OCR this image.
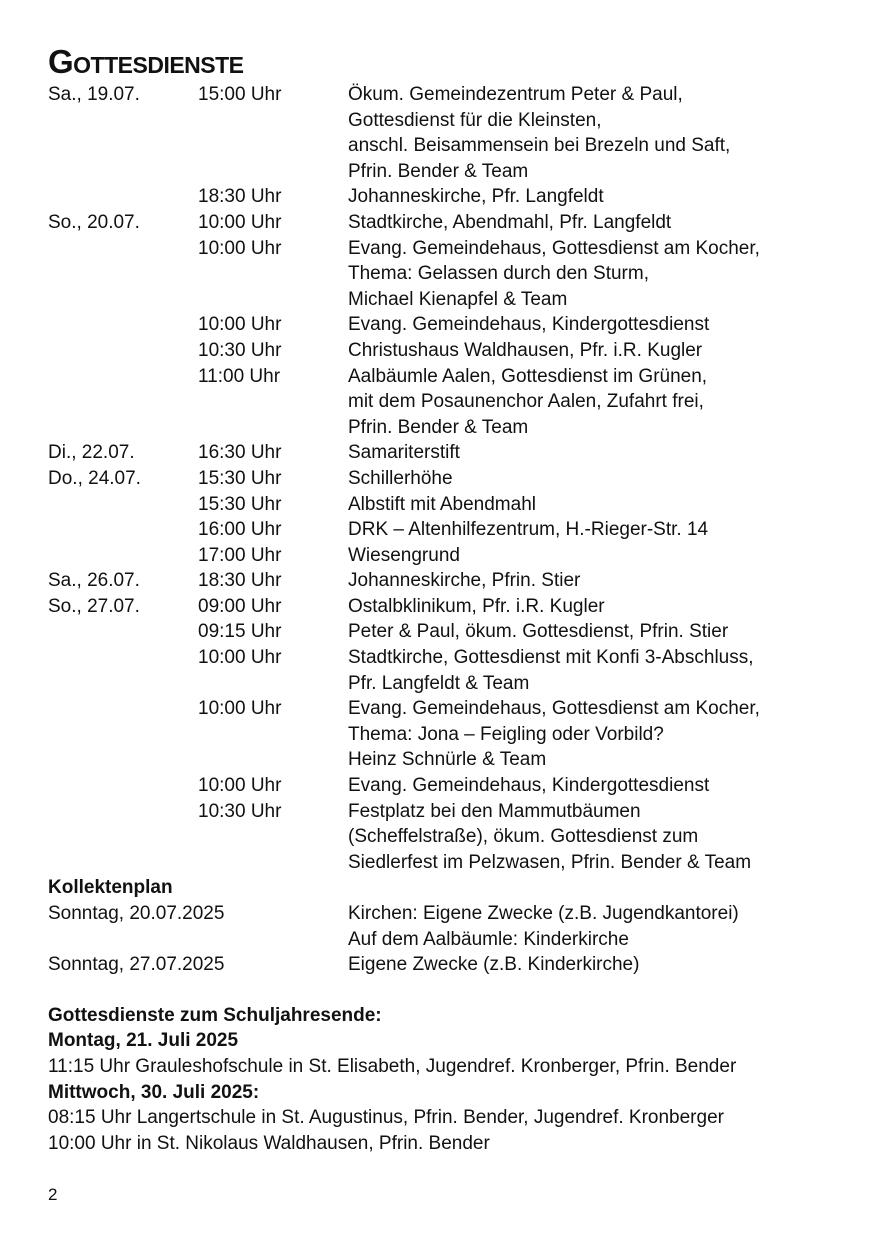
Gottesdienste
Sa., 19.07.	15:00 Uhr	Ökum. Gemeindezentrum Peter & Paul,
Gottesdienst für die Kleinsten,
anschl. Beisammensein bei Brezeln und Saft,
Pfrin. Bender & Team
18:30 Uhr	Johanneskirche, Pfr. Langfeldt
So., 20.07.	10:00 Uhr	Stadtkirche, Abendmahl, Pfr. Langfeldt
10:00 Uhr	Evang. Gemeindehaus, Gottesdienst am Kocher,
Thema: Gelassen durch den Sturm,
Michael Kienapfel & Team
10:00 Uhr	Evang. Gemeindehaus, Kindergottesdienst
10:30 Uhr	Christushaus Waldhausen, Pfr. i.R. Kugler
11:00 Uhr	Aalbäumle Aalen, Gottesdienst im Grünen,
mit dem Posaunenchor Aalen, Zufahrt frei,
Pfrin. Bender & Team
Di., 22.07.	16:30 Uhr	Samariterstift
Do., 24.07.	15:30 Uhr	Schillerhöhe
15:30 Uhr	Albstift mit Abendmahl
16:00 Uhr	DRK – Altenhilfezentrum, H.-Rieger-Str. 14
17:00 Uhr	Wiesengrund
Sa., 26.07.	18:30 Uhr	Johanneskirche, Pfrin. Stier
So., 27.07.	09:00 Uhr	Ostalbklinikum, Pfr. i.R. Kugler
09:15 Uhr	Peter & Paul, ökum. Gottesdienst, Pfrin. Stier
10:00 Uhr	Stadtkirche, Gottesdienst mit Konfi 3-Abschluss,
Pfr. Langfeldt & Team
10:00 Uhr	Evang. Gemeindehaus, Gottesdienst am Kocher,
Thema: Jona – Feigling oder Vorbild?
Heinz Schnürle & Team
10:00 Uhr	Evang. Gemeindehaus, Kindergottesdienst
10:30 Uhr	Festplatz bei den Mammutbäumen
(Scheffelstraße), ökum. Gottesdienst zum
Siedlerfest im Pelzwasen, Pfrin. Bender & Team
Kollektenplan
Sonntag, 20.07.2025	Kirchen: Eigene Zwecke (z.B. Jugendkantorei)
Auf dem Aalbäumle: Kinderkirche
Sonntag, 27.07.2025	Eigene Zwecke (z.B. Kinderkirche)
Gottesdienste zum Schuljahresende:
Montag, 21. Juli 2025
11:15 Uhr Grauleshofschule in St. Elisabeth, Jugendref. Kronberger, Pfrin. Bender
Mittwoch, 30. Juli 2025:
08:15 Uhr Langertschule in St. Augustinus, Pfrin. Bender, Jugendref. Kronberger
10:00 Uhr in St. Nikolaus Waldhausen, Pfrin. Bender
2
